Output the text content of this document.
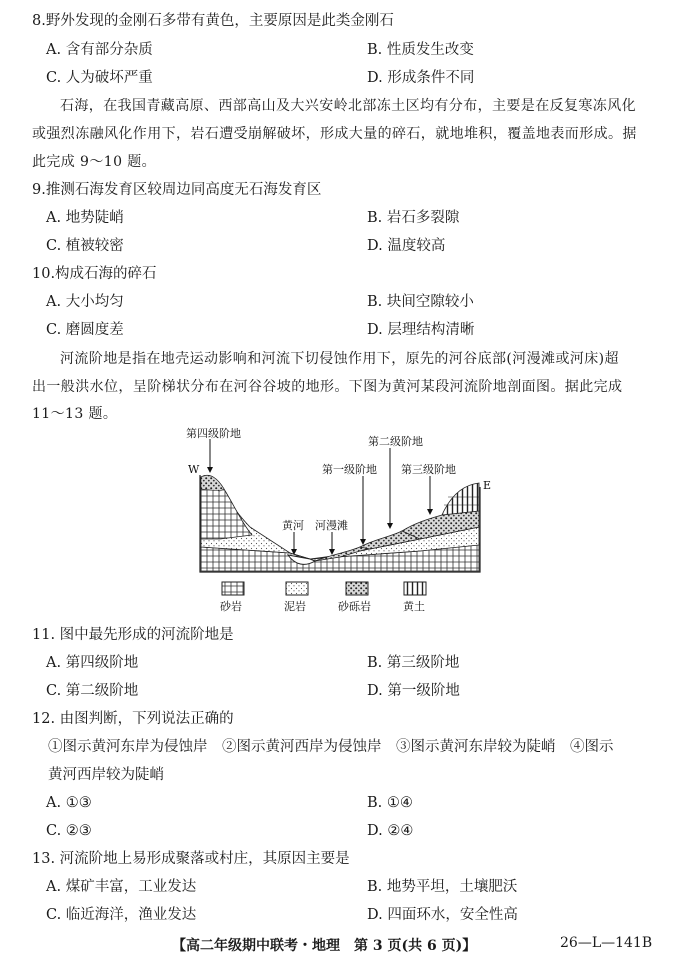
8.野外发现的金刚石多带有黄色，主要原因是此类金刚石
A. 含有部分杂质	B. 性质发生改变
C. 人为破坏严重	D. 形成条件不同
石海，在我国青藏高原、西部高山及大兴安岭北部冻土区均有分布，主要是在反复寒冻风化
或强烈冻融风化作用下，岩石遭受崩解破坏，形成大量的碎石，就地堆积，覆盖地表而形成。据
此完成 9～10 题。
9.推测石海发育区较周边同高度无石海发育区
A. 地势陡峭	B. 岩石多裂隙
C. 植被较密	D. 温度较高
10.构成石海的碎石
A. 大小均匀	B. 块间空隙较小
C. 磨圆度差	D. 层理结构清晰
河流阶地是指在地壳运动影响和河流下切侵蚀作用下，原先的河谷底部(河漫滩或河床)超
出一般洪水位，呈阶梯状分布在河谷谷坡的地形。下图为黄河某段河流阶地剖面图。据此完成
11～13 题。
第四级阶地
W
E
第二级阶地
第一级阶地 第三级阶地
黄河 河漫滩
砂岩	泥岩	砂砾岩	黄土
11. 图中最先形成的河流阶地是
A. 第四级阶地	B. 第三级阶地
C. 第二级阶地	D. 第一级阶地
12. 由图判断，下列说法正确的
①图示黄河东岸为侵蚀岸　②图示黄河西岸为侵蚀岸　③图示黄河东岸较为陡峭　④图示
黄河西岸较为陡峭
A. ①③	B. ①④
C. ②③	D. ②④
13. 河流阶地上易形成聚落或村庄，其原因主要是
A. 煤矿丰富，工业发达	B. 地势平坦，土壤肥沃
C. 临近海洋，渔业发达	D. 四面环水，安全性高
【高二年级期中联考・地理　第 3 页(共 6 页)】	26—L—141B
